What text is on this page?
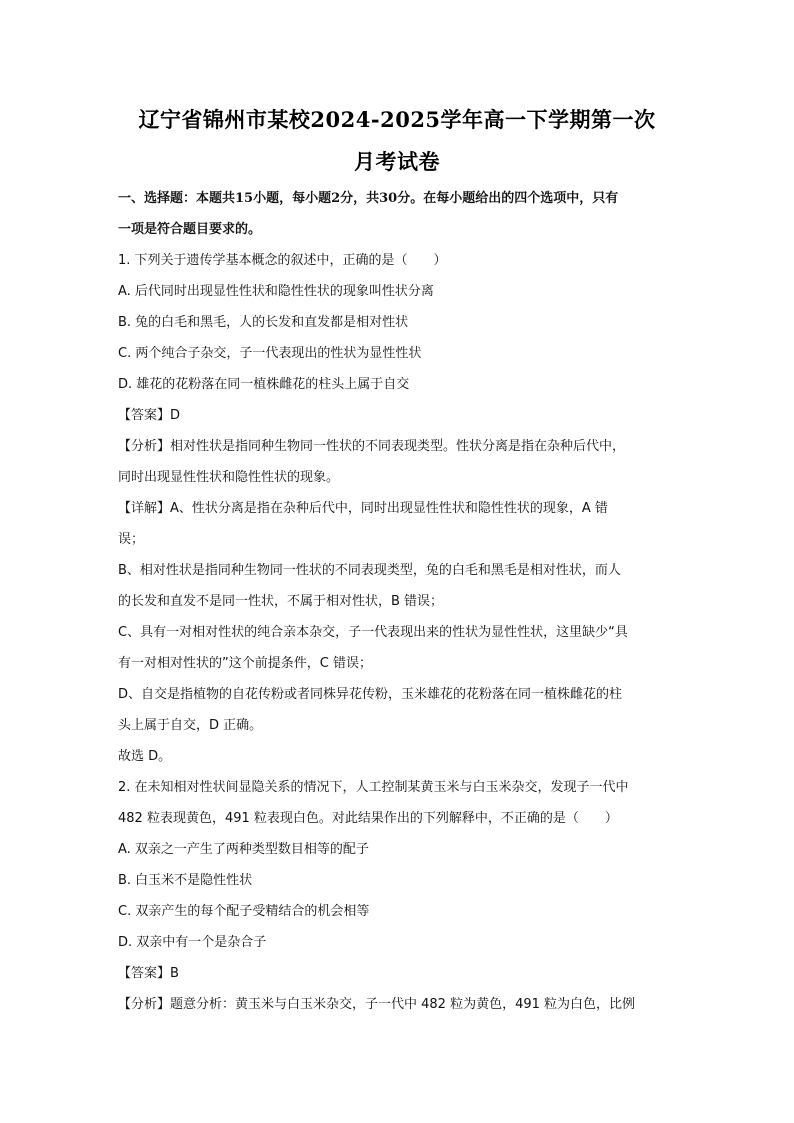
辽宁省锦州市某校2024-2025学年高一下学期第一次
月考试卷

一、选择题：本题共15小题，每小题2分，共30分。在每小题给出的四个选项中，只有

一项是符合题目要求的。

1. 下列关于遗传学基本概念的叙述中，正确的是（　　）

A. 后代同时出现显性性状和隐性性状的现象叫性状分离

B. 兔的白毛和黑毛，人的长发和直发都是相对性状

C. 两个纯合子杂交，子一代表现出的性状为显性性状

D. 雄花的花粉落在同一植株雌花的柱头上属于自交

【答案】D

【分析】相对性状是指同种生物同一性状的不同表现类型。性状分离是指在杂种后代中，

同时出现显性性状和隐性性状的现象。

【详解】A、性状分离是指在杂种后代中，同时出现显性性状和隐性性状的现象，A 错

误；

B、相对性状是指同种生物同一性状的不同表现类型，兔的白毛和黑毛是相对性状，而人

的长发和直发不是同一性状，不属于相对性状，B 错误；

C、具有一对相对性状的纯合亲本杂交，子一代表现出来的性状为显性性状，这里缺少“具

有一对相对性状的”这个前提条件，C 错误；

D、自交是指植物的自花传粉或者同株异花传粉，玉米雄花的花粉落在同一植株雌花的柱

头上属于自交，D 正确。

故选 D。

2. 在未知相对性状间显隐关系的情况下，人工控制某黄玉米与白玉米杂交，发现子一代中

482 粒表现黄色，491 粒表现白色。对此结果作出的下列解释中，不正确的是（　　）

A. 双亲之一产生了两种类型数目相等的配子

B. 白玉米不是隐性性状

C. 双亲产生的每个配子受精结合的机会相等

D. 双亲中有一个是杂合子

【答案】B

【分析】题意分析：黄玉米与白玉米杂交，子一代中 482 粒为黄色，491 粒为白色，比例
